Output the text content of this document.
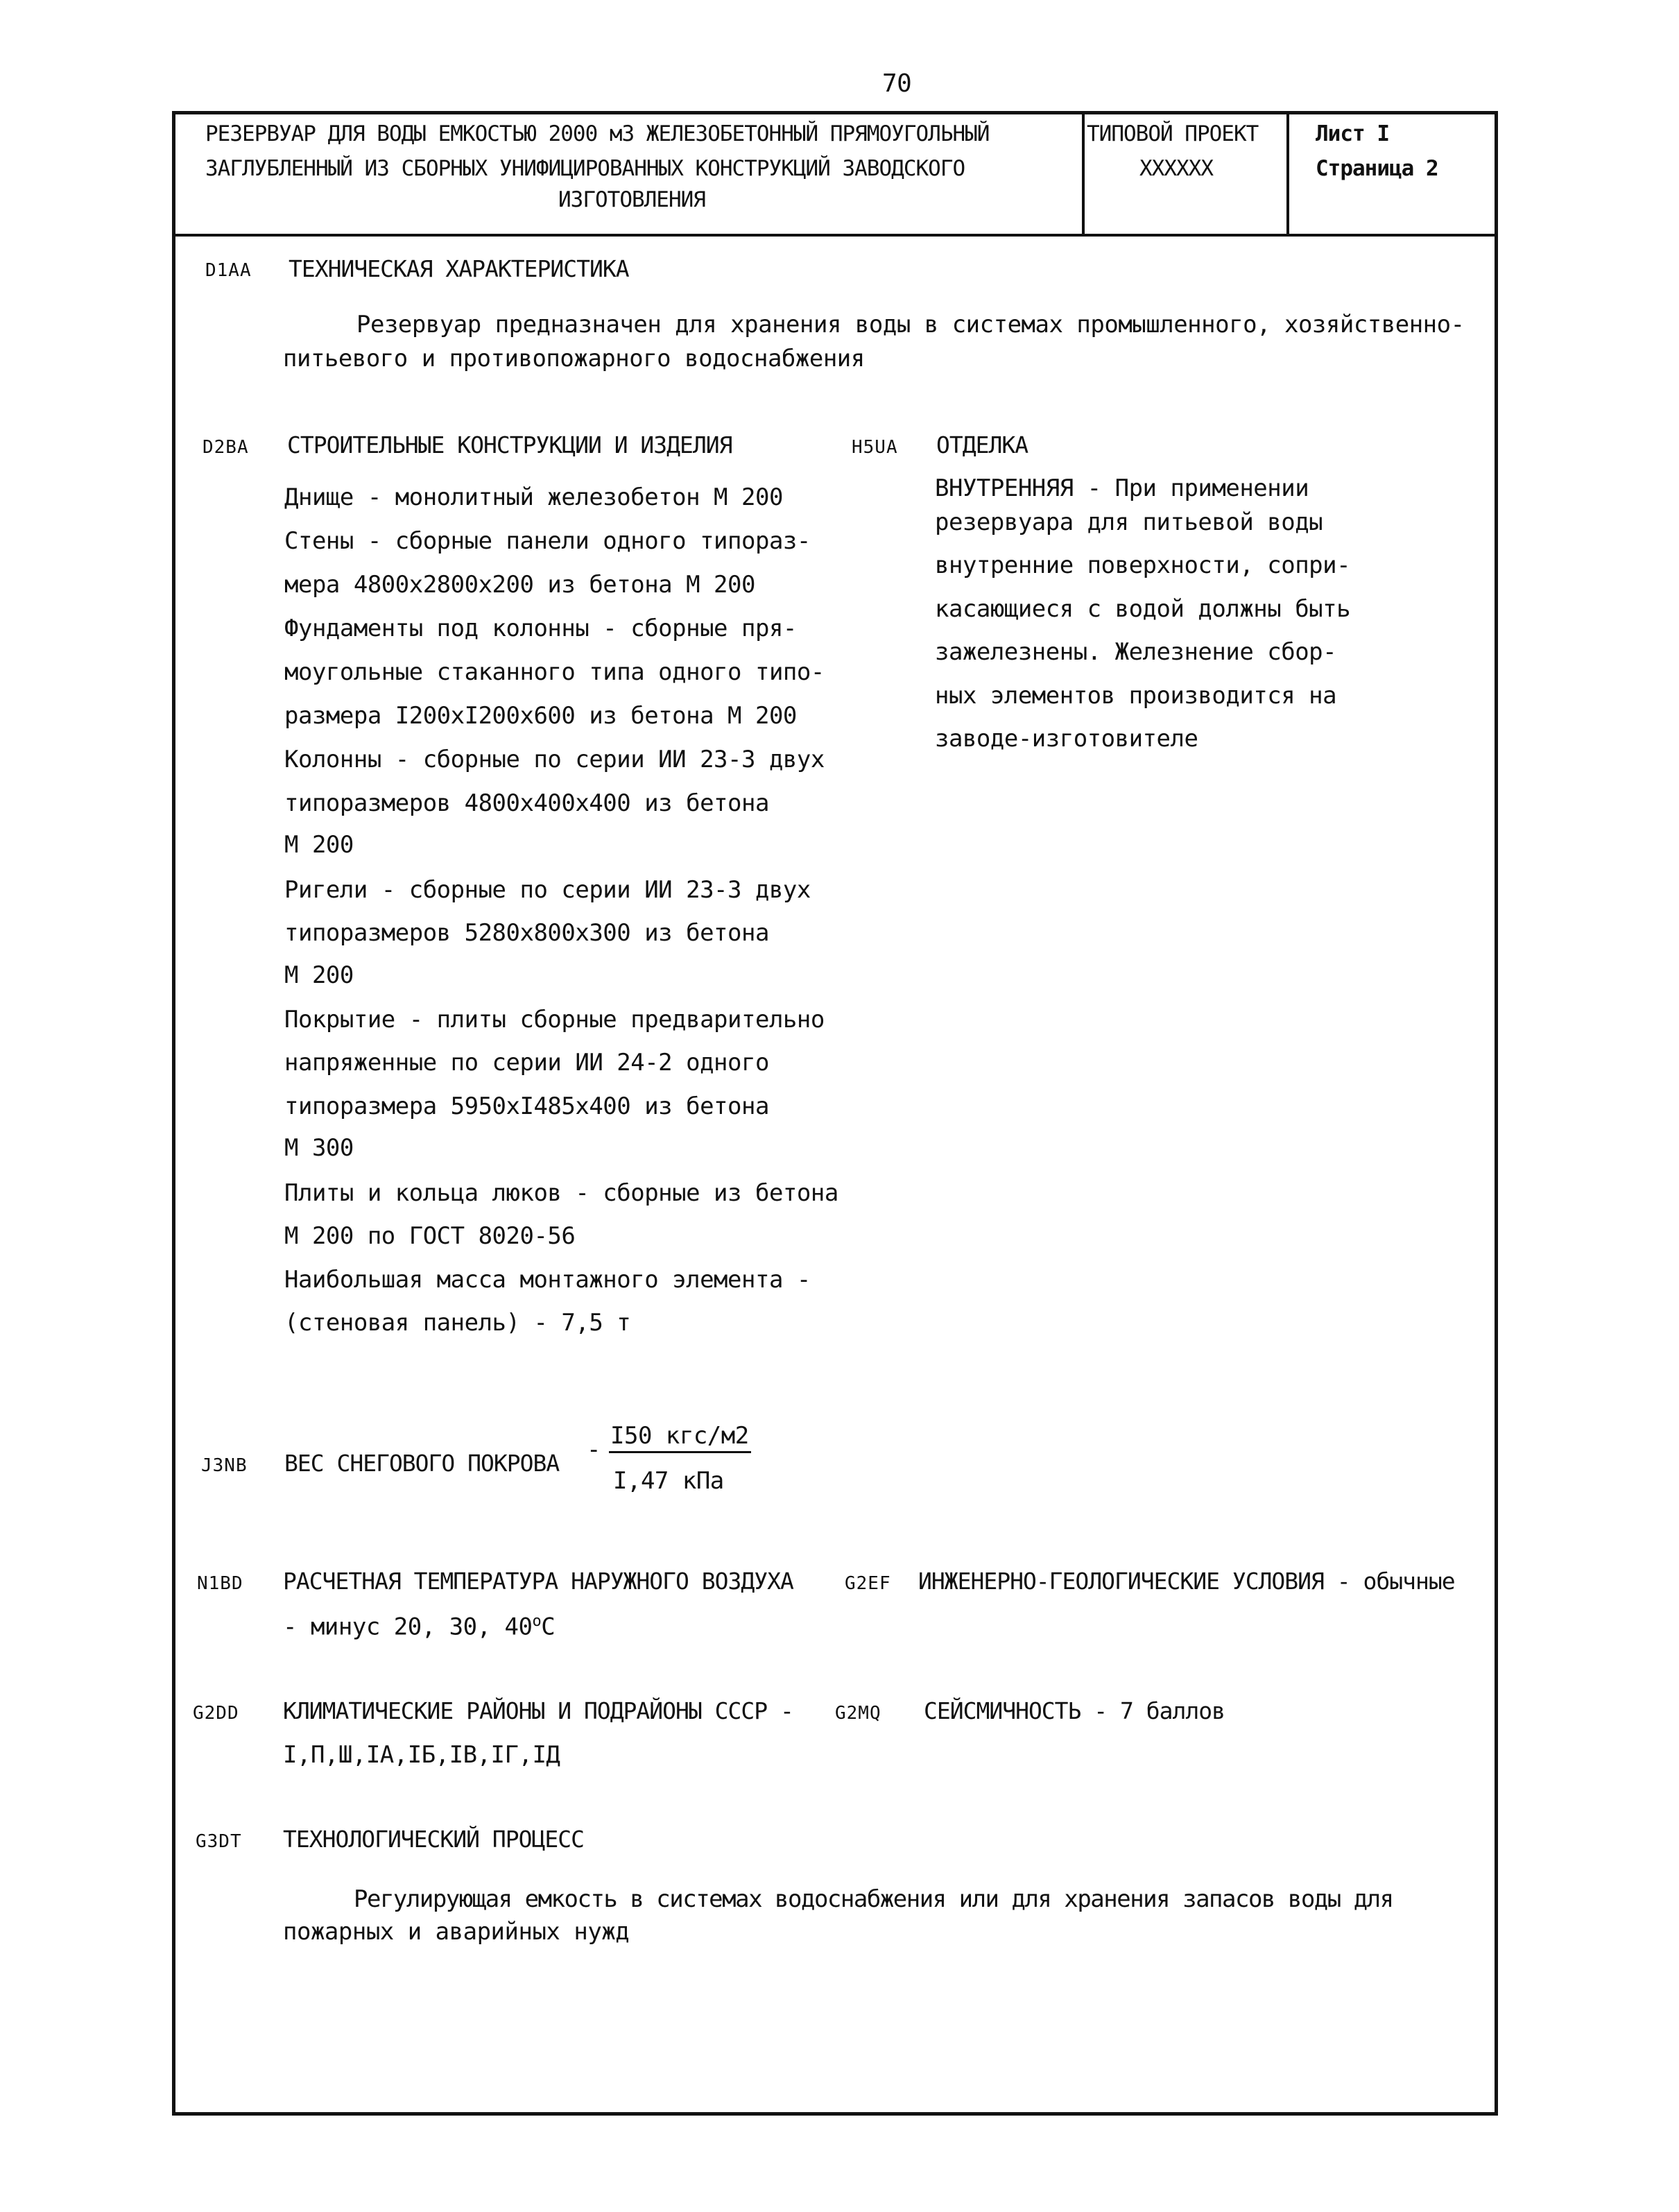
70
РЕЗЕРВУАР ДЛЯ ВОДЫ ЕМКОСТЬЮ 2000 м3 ЖЕЛЕЗОБЕТОННЫЙ ПРЯМОУГОЛЬНЫЙ
ЗАГЛУБЛЕННЫЙ ИЗ СБОРНЫХ УНИФИЦИРОВАННЫХ КОНСТРУКЦИЙ ЗАВОДСКОГО
ИЗГОТОВЛЕНИЯ
ТИПОВОЙ ПРОЕКТ
XXXXXX
Лист I
Страница 2
D1AA ТЕХНИЧЕСКАЯ ХАРАКТЕРИСТИКА
Резервуар предназначен для хранения воды в системах промышленного, хозяйственно-
питьевого и противопожарного водоснабжения
D2BA СТРОИТЕЛЬНЫЕ КОНСТРУКЦИИ И ИЗДЕЛИЯ
Днище - монолитный железобетон М 200
Стены - сборные панели одного типораз-
мера 4800х2800х200 из бетона М 200
Фундаменты под колонны - сборные пря-
моугольные стаканного типа одного типо-
размера I200хI200х600 из бетона М 200
Колонны - сборные по серии ИИ 23-3 двух
типоразмеров 4800х400х400 из бетона
М 200
Ригели - сборные по серии ИИ 23-3 двух
типоразмеров 5280х800х300 из бетона
М 200
Покрытие - плиты сборные предварительно
напряженные по серии ИИ 24-2 одного
типоразмера 5950хI485х400 из бетона
М 300
Плиты и кольца люков - сборные из бетона
М 200 по ГОСТ 8020-56
Наибольшая масса монтажного элемента -
(стеновая панель) - 7,5 т
H5UA ОТДЕЛКА
ВНУТРЕННЯЯ - При применении
резервуара для питьевой воды
внутренние поверхности, сопри-
касающиеся с водой должны быть
зажелезнены. Железнение сбор-
ных элементов производится на
заводе-изготовителе
J3NB ВЕС СНЕГОВОГО ПОКРОВА - I50 кгс/м2
I,47 кПа
N1BD РАСЧЕТНАЯ ТЕМПЕРАТУРА НАРУЖНОГО ВОЗДУХА
- минус 20, 30, $40^оС$
G2EF ИНЖЕНЕРНО-ГЕОЛОГИЧЕСКИЕ УСЛОВИЯ - обычные
G2DD КЛИМАТИЧЕСКИЕ РАЙОНЫ И ПОДРАЙОНЫ СССР -
I,П,Ш,IА,IБ,IВ,IГ,IД
G2MQ СЕЙСМИЧНОСТЬ - 7 баллов
G3DT ТЕХНОЛОГИЧЕСКИЙ ПРОЦЕСС
Регулирующая емкость в системах водоснабжения или для хранения запасов воды для
пожарных и аварийных нужд
